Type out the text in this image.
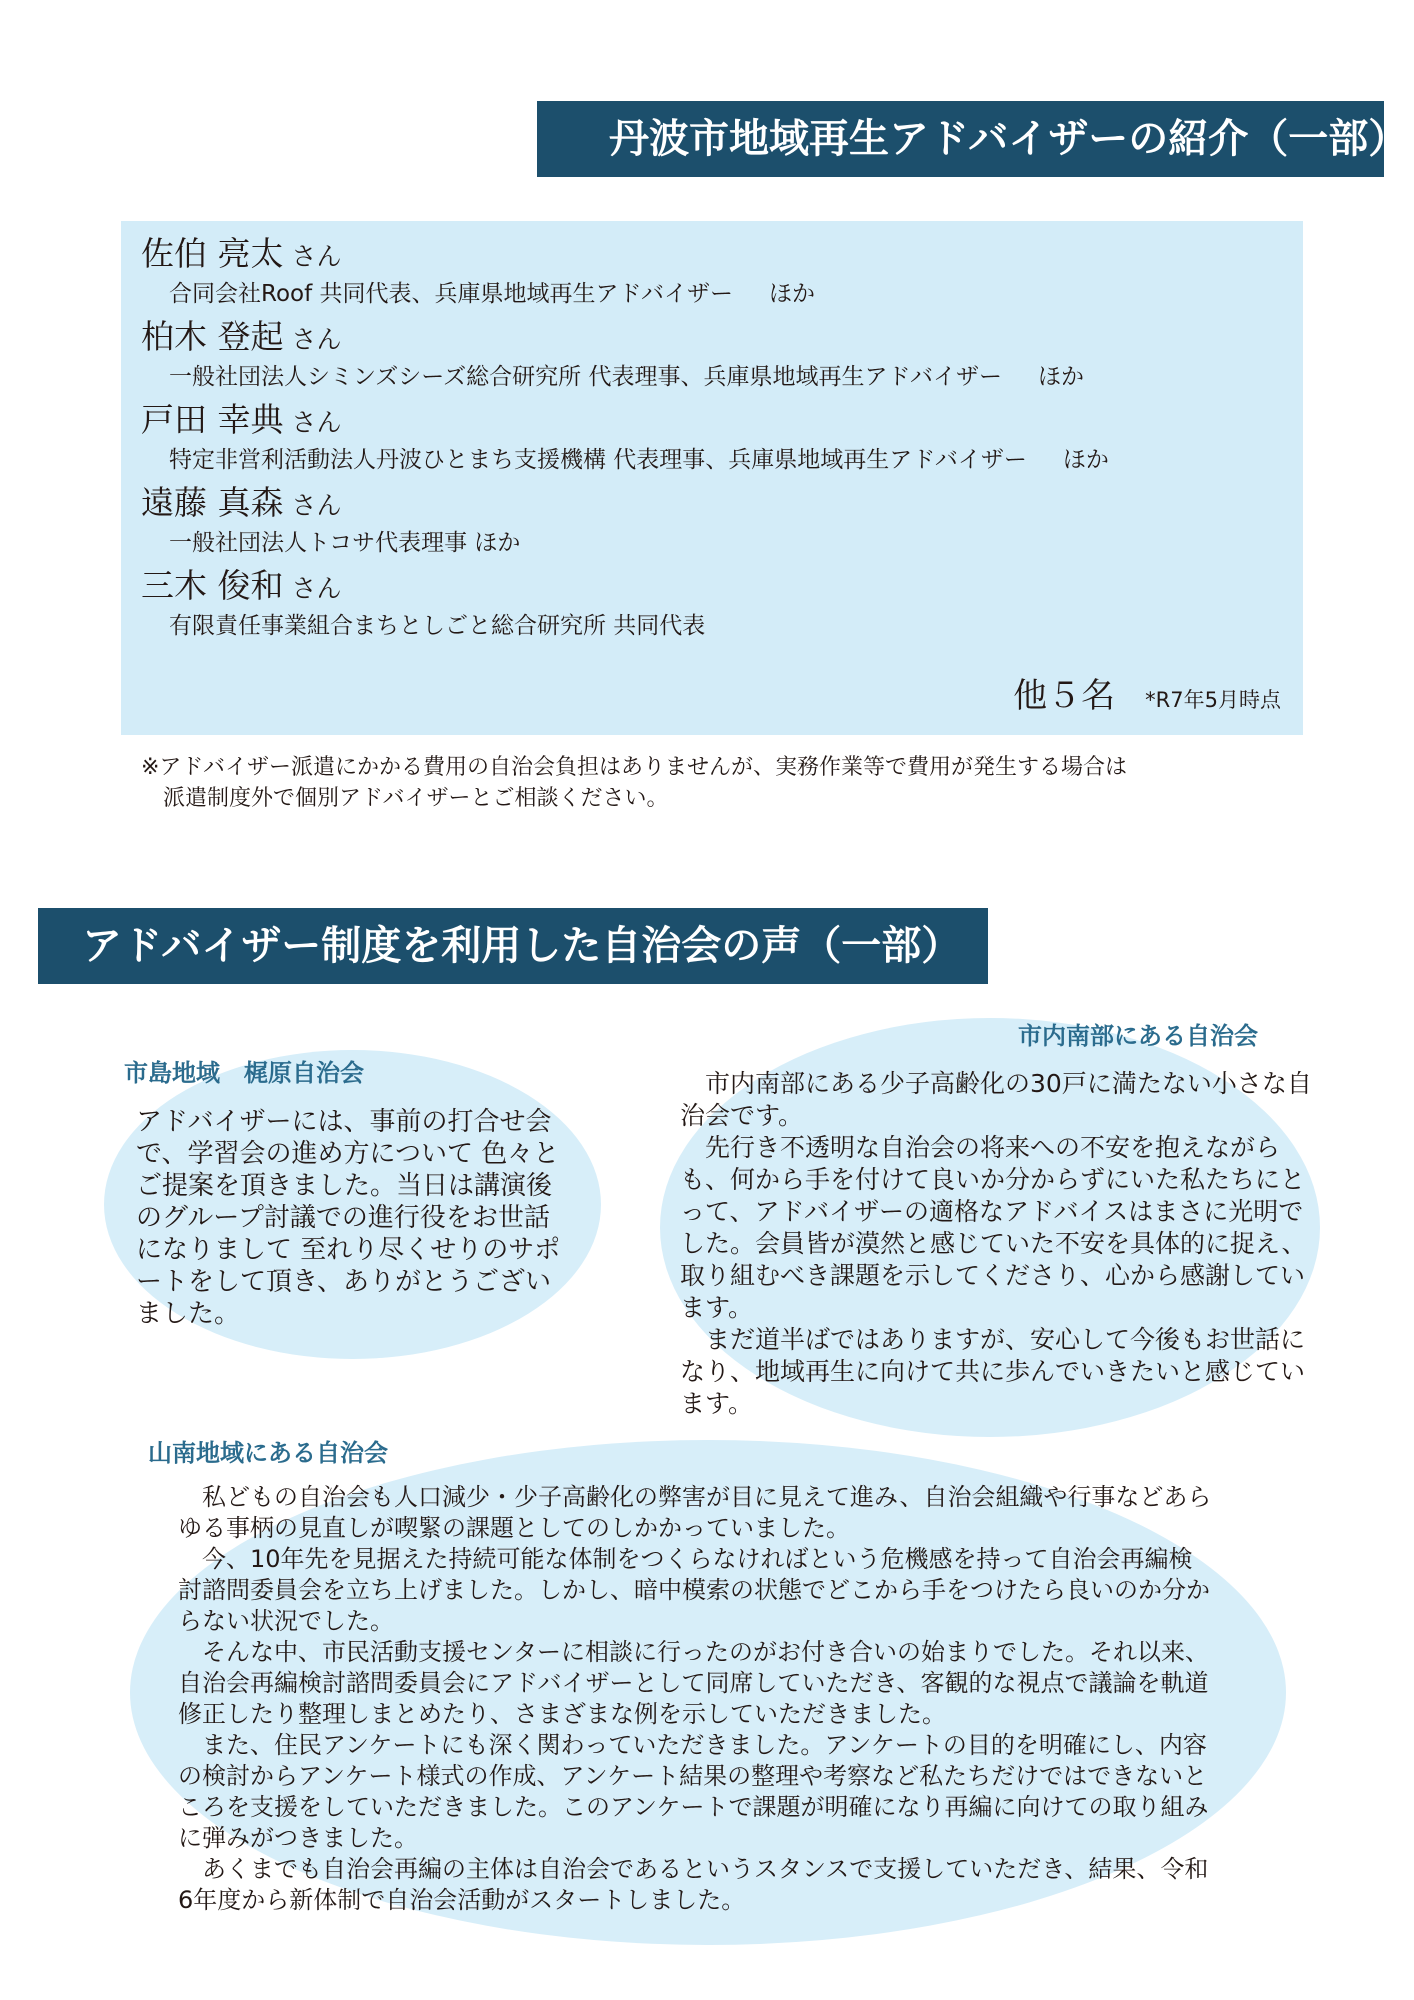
丹波市地域再生アドバイザーの紹介（一部）
佐伯 亮太 さん
合同会社Roof 共同代表、兵庫県地域再生アドバイザー ほか
柏木 登起 さん
一般社団法人シミンズシーズ総合研究所 代表理事、兵庫県地域再生アドバイザー ほか
戸田 幸典 さん
特定非営利活動法人丹波ひとまち支援機構 代表理事、兵庫県地域再生アドバイザー ほか
遠藤 真森 さん
一般社団法人トコサ代表理事 ほか
三木 俊和 さん
有限責任事業組合まちとしごと総合研究所 共同代表
他５名 *R7年5月時点
※アドバイザー派遣にかかる費用の自治会負担はありませんが、実務作業等で費用が発生する場合は
派遣制度外で個別アドバイザーとご相談ください。
アドバイザー制度を利用した自治会の声（一部）
市島地域　梶原自治会

アドバイザーには、事前の打合せ会で、学習会の進め方について 色々とご提案を頂きました。当日は講演後のグループ討議での進行役をお世話になりまして 至れり尽くせりのサポートをして頂き、ありがとうございました。

市内南部にある自治会

市内南部にある少子高齢化の30戸に満たない小さな自治会です。

先行き不透明な自治会の将来への不安を抱えながらも、何から手を付けて良いか分からずにいた私たちにとって、アドバイザーの適格なアドバイスはまさに光明でした。会員皆が漠然と感じていた不安を具体的に捉え、取り組むべき課題を示してくださり、心から感謝しています。

まだ道半ばではありますが、安心して今後もお世話になり、地域再生に向けて共に歩んでいきたいと感じています。

山南地域にある自治会

私どもの自治会も人口減少・少子高齢化の弊害が目に見えて進み、自治会組織や行事などあらゆる事柄の見直しが喫緊の課題としてのしかかっていました。

今、10年先を見据えた持続可能な体制をつくらなければという危機感を持って自治会再編検討諮問委員会を立ち上げました。しかし、暗中模索の状態でどこから手をつけたら良いのか分からない状況でした。

そんな中、市民活動支援センターに相談に行ったのがお付き合いの始まりでした。それ以来、自治会再編検討諮問委員会にアドバイザーとして同席していただき、客観的な視点で議論を軌道修正したり整理しまとめたり、さまざまな例を示していただきました。

また、住民アンケートにも深く関わっていただきました。アンケートの目的を明確にし、内容の検討からアンケート様式の作成、アンケート結果の整理や考察など私たちだけではできないところを支援をしていただきました。このアンケートで課題が明確になり再編に向けての取り組みに弾みがつきました。

あくまでも自治会再編の主体は自治会であるというスタンスで支援していただき、結果、令和6年度から新体制で自治会活動がスタートしました。
